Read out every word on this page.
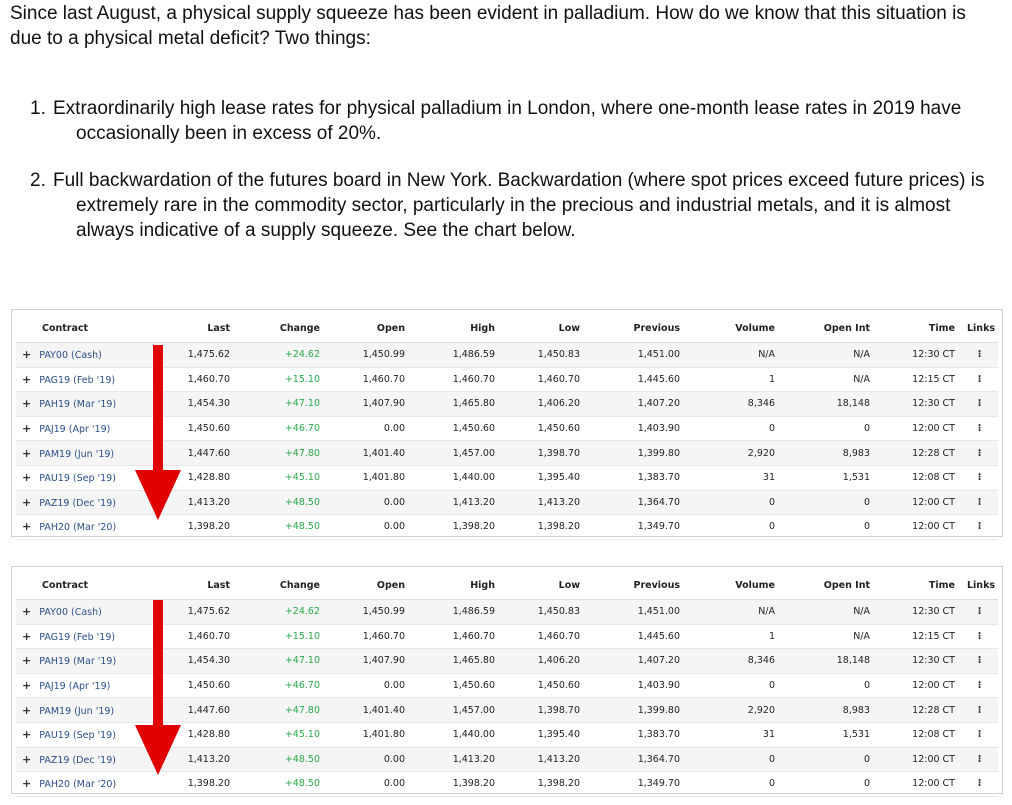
Since last August, a physical supply squeeze has been evident in palladium. How do we know that this situation is due to a physical metal deficit? Two things:

1. Extraordinarily high lease rates for physical palladium in London, where one-month lease rates in 2019 have occasionally been in excess of 20%.
2. Full backwardation of the futures board in New York. Backwardation (where spot prices exceed future prices) is extremely rare in the commodity sector, particularly in the precious and industrial metals, and it is almost always indicative of a supply squeeze. See the chart below.
Contract	Last	Change	Open	High	Low	Previous	Volume	Open Int	Time	Links
+ PAY00 (Cash)	1,475.62	+24.62	1,450.99	1,486.59	1,450.83	1,451.00	N/A	N/A	12:30 CT	⁝
+ PAG19 (Feb '19)	1,460.70	+15.10	1,460.70	1,460.70	1,460.70	1,445.60	1	N/A	12:15 CT	⁝
+ PAH19 (Mar '19)	1,454.30	+47.10	1,407.90	1,465.80	1,406.20	1,407.20	8,346	18,148	12:30 CT	⁝
+ PAJ19 (Apr '19)	1,450.60	+46.70	0.00	1,450.60	1,450.60	1,403.90	0	0	12:00 CT	⁝
+ PAM19 (Jun '19)	1,447.60	+47.80	1,401.40	1,457.00	1,398.70	1,399.80	2,920	8,983	12:28 CT	⁝
+ PAU19 (Sep '19)	1,428.80	+45.10	1,401.80	1,440.00	1,395.40	1,383.70	31	1,531	12:08 CT	⁝
+ PAZ19 (Dec '19)	1,413.20	+48.50	0.00	1,413.20	1,413.20	1,364.70	0	0	12:00 CT	⁝
+ PAH20 (Mar '20)	1,398.20	+48.50	0.00	1,398.20	1,398.20	1,349.70	0	0	12:00 CT	⁝
Contract	Last	Change	Open	High	Low	Previous	Volume	Open Int	Time	Links
+ PAY00 (Cash)	1,475.62	+24.62	1,450.99	1,486.59	1,450.83	1,451.00	N/A	N/A	12:30 CT	⁝
+ PAG19 (Feb '19)	1,460.70	+15.10	1,460.70	1,460.70	1,460.70	1,445.60	1	N/A	12:15 CT	⁝
+ PAH19 (Mar '19)	1,454.30	+47.10	1,407.90	1,465.80	1,406.20	1,407.20	8,346	18,148	12:30 CT	⁝
+ PAJ19 (Apr '19)	1,450.60	+46.70	0.00	1,450.60	1,450.60	1,403.90	0	0	12:00 CT	⁝
+ PAM19 (Jun '19)	1,447.60	+47.80	1,401.40	1,457.00	1,398.70	1,399.80	2,920	8,983	12:28 CT	⁝
+ PAU19 (Sep '19)	1,428.80	+45.10	1,401.80	1,440.00	1,395.40	1,383.70	31	1,531	12:08 CT	⁝
+ PAZ19 (Dec '19)	1,413.20	+48.50	0.00	1,413.20	1,413.20	1,364.70	0	0	12:00 CT	⁝
+ PAH20 (Mar '20)	1,398.20	+48.50	0.00	1,398.20	1,398.20	1,349.70	0	0	12:00 CT	⁝
